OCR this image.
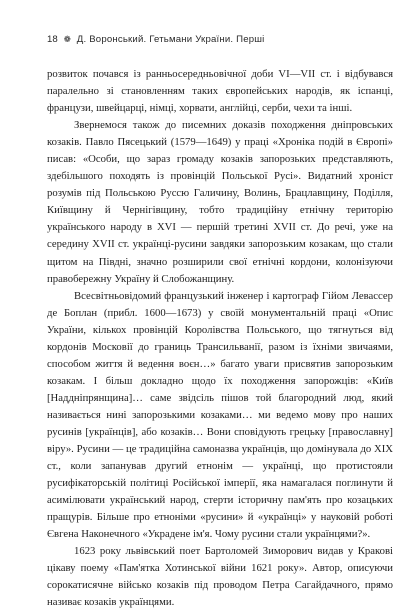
18 ❁ Д. Воронський. Гетьмани України. Перші

розвиток почався із ранньосередньовічної доби VI—VII ст. і відбувався паралельно зі становленням таких європейських народів, як іспанці, французи, швейцарці, німці, хорвати, англійці, серби, чехи та інші.

Звернемося також до писемних доказів походження дніпровських козаків. Павло Пясецький (1579—1649) у праці «Хроніка подій в Європі» писав: «Особи, що зараз громаду козаків запорозьких представляють, здебільшого походять із провінцій Польської Русі». Видатний хроніст розумів під Польською Руссю Галичину, Волинь, Брацлавщину, Поділля, Київщину й Чернігівщину, тобто традиційну етнічну територію українського народу в XVI — першій третині XVII ст. До речі, уже на середину XVII ст. українці-русини завдяки запорозьким козакам, що стали щитом на Півдні, значно розширили свої етнічні кордони, колонізуючи правобережну Україну й Слобожанщину.

Всесвітньовідомий французький інженер і картограф Гійом Левассер де Боплан (прибл. 1600—1673) у своїй монументальній праці «Опис України, кількох провінцій Королівства Польського, що тягнуться від кордонів Московії до границь Трансильванії, разом із їхніми звичаями, способом життя й ведення воєн…» багато уваги присвятив запорозьким козакам. І більш докладно щодо їх походження запорожців: «Київ [Наддніпрянщина]… саме звідсіль пішов той благородний люд, який називається нині запорозькими козаками… ми ведемо мову про наших русинів [українців], або козаків… Вони сповідують грецьку [православну] віру». Русини — це традиційна самоназва українців, що домінувала до XIX ст., коли запанував другий етнонім — українці, що протистояли русифікаторській політиці Російської імперії, яка намагалася поглинути й асимілювати український народ, стерти історичну пам'ять про козацьких пращурів. Більше про етноніми «русини» й «українці» у науковій роботі Євгена Наконечного «Украдене ім'я. Чому русини стали українцями?».

1623 року львівський поет Бартоломей Зиморович видав у Кракові цікаву поему «Пам'ятка Хотинської війни 1621 року». Автор, описуючи сорокатисячне військо козаків під проводом Петра Сагайдачного, прямо називає козаків українцями.
